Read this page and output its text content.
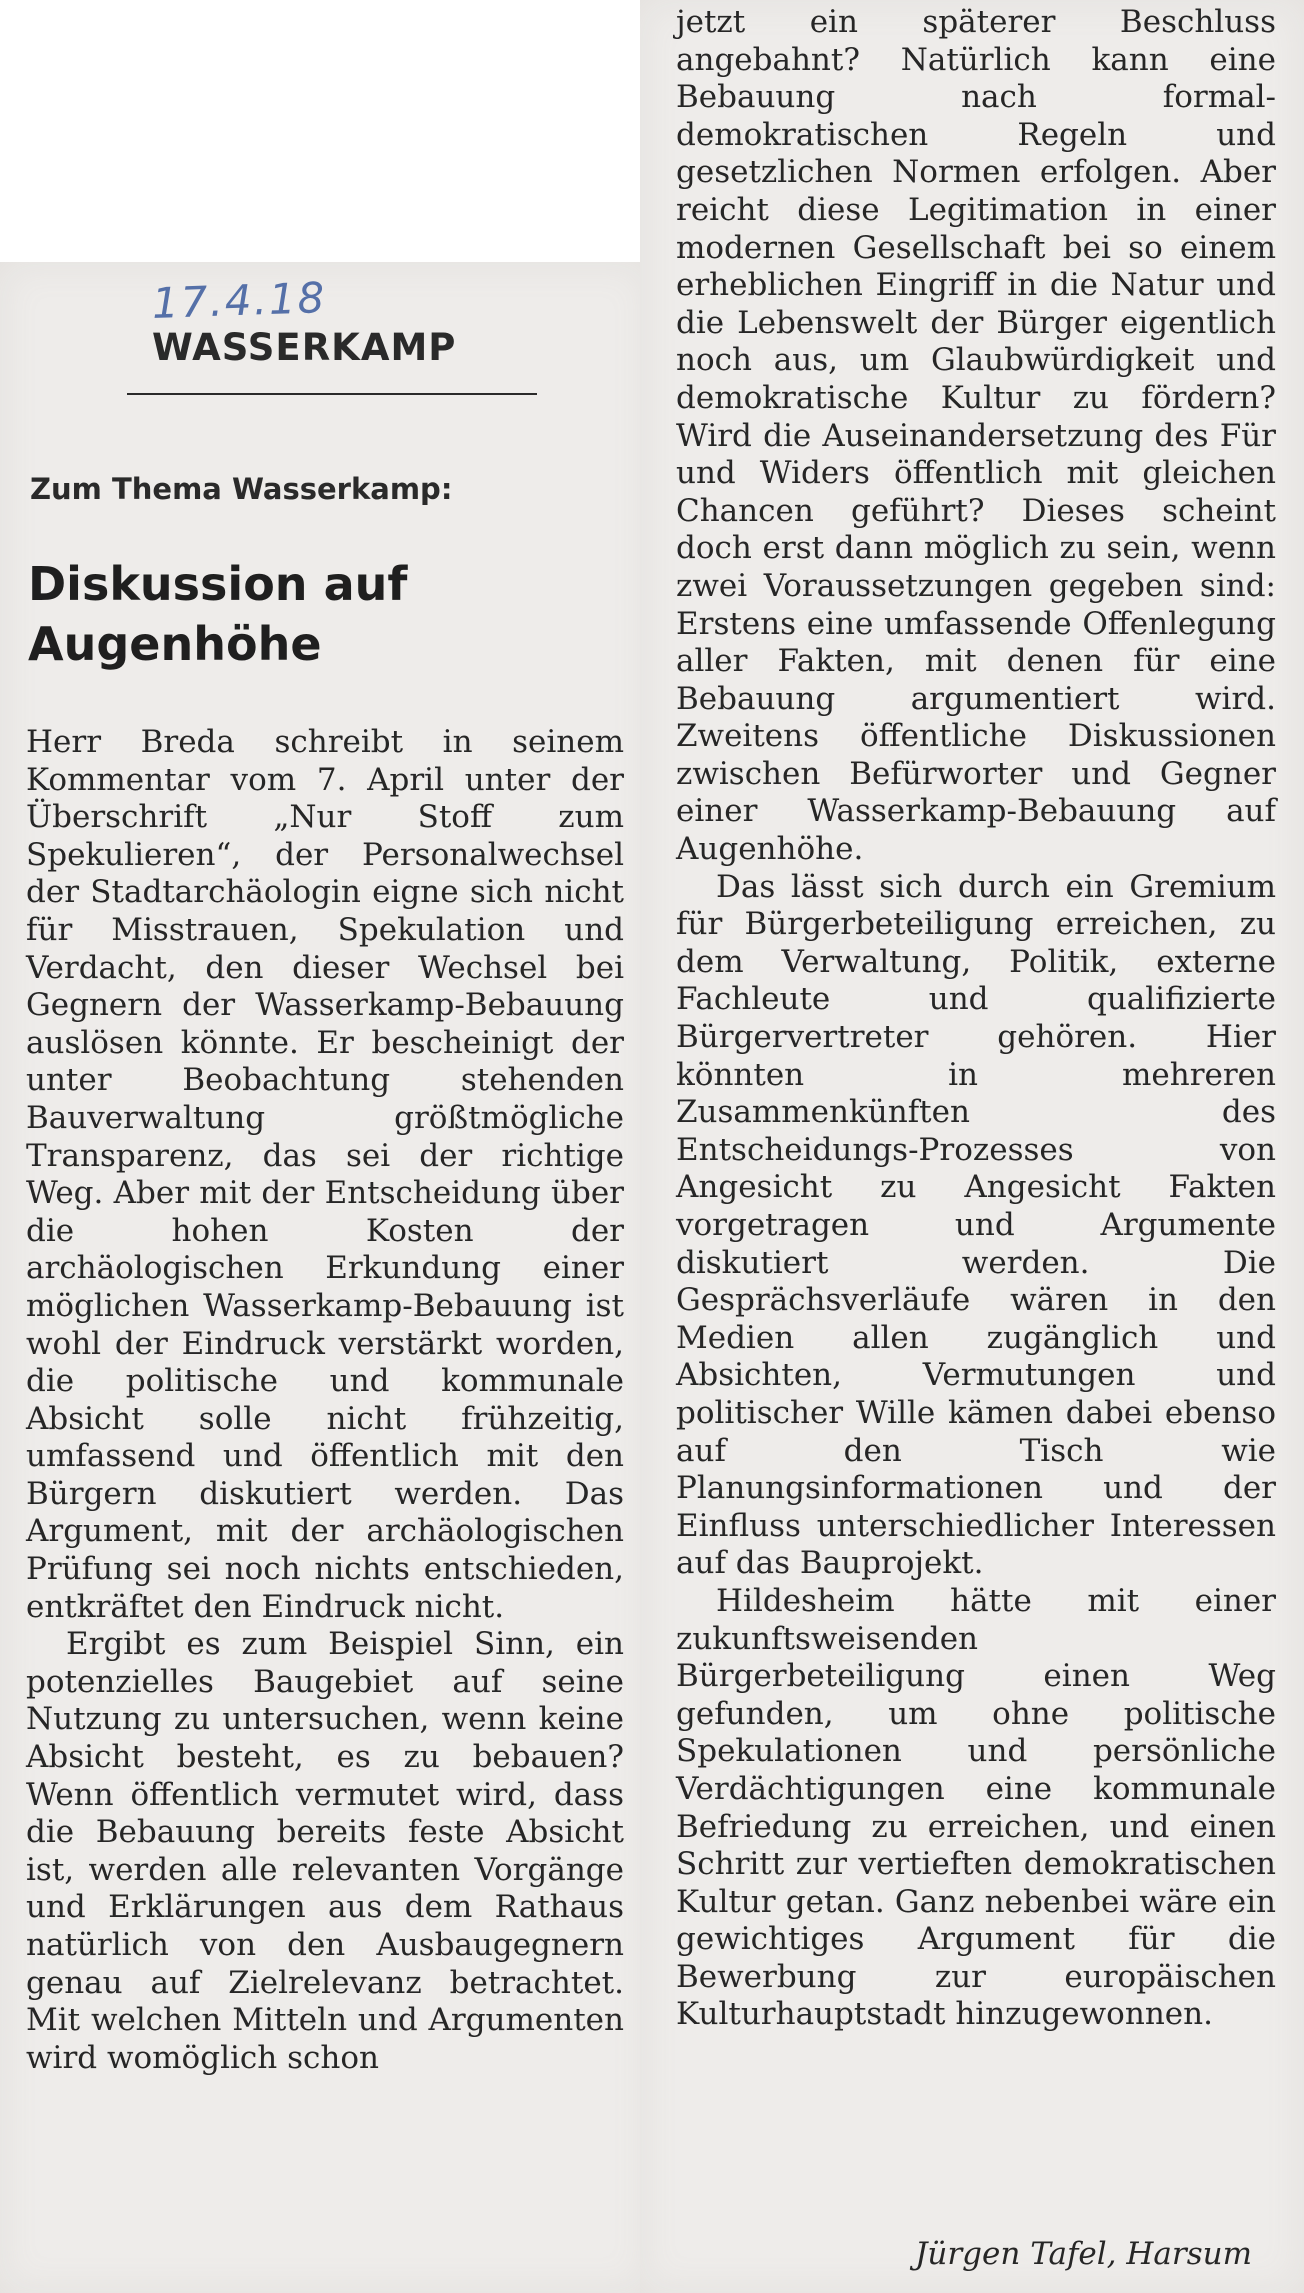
17.4.18
WASSERKAMP
Zum Thema Wasserkamp:
Diskussion auf Augenhöhe

Herr Breda schreibt in seinem Kommentar vom 7. April unter der Überschrift „Nur Stoff zum Spekulieren“, der Personalwechsel der Stadtarchäologin eigne sich nicht für Misstrauen, Spekulation und Verdacht, den dieser Wechsel bei Gegnern der Wasserkamp-Bebauung auslösen könnte. Er bescheinigt der unter Beobachtung stehenden Bauverwaltung größtmögliche Transparenz, das sei der richtige Weg. Aber mit der Entscheidung über die hohen Kosten der archäologischen Erkundung einer möglichen Wasserkamp-Bebauung ist wohl der Eindruck verstärkt worden, die politische und kommunale Absicht solle nicht frühzeitig, umfassend und öffentlich mit den Bürgern diskutiert werden. Das Argument, mit der archäologischen Prüfung sei noch nichts entschieden, entkräftet den Eindruck nicht.

Ergibt es zum Beispiel Sinn, ein potenzielles Baugebiet auf seine Nutzung zu untersuchen, wenn keine Absicht besteht, es zu bebauen? Wenn öffentlich vermutet wird, dass die Bebauung bereits feste Absicht ist, werden alle relevanten Vorgänge und Erklärungen aus dem Rathaus natürlich von den Ausbaugegnern genau auf Zielrelevanz betrachtet. Mit welchen Mitteln und Argumenten wird womöglich schon

jetzt ein späterer Beschluss angebahnt? Natürlich kann eine Bebauung nach formal-demokratischen Regeln und gesetzlichen Normen erfolgen. Aber reicht diese Legitimation in einer modernen Gesellschaft bei so einem erheblichen Eingriff in die Natur und die Lebenswelt der Bürger eigentlich noch aus, um Glaubwürdigkeit und demokratische Kultur zu fördern? Wird die Auseinandersetzung des Für und Widers öffentlich mit gleichen Chancen geführt? Dieses scheint doch erst dann möglich zu sein, wenn zwei Voraussetzungen gegeben sind: Erstens eine umfassende Offenlegung aller Fakten, mit denen für eine Bebauung argumentiert wird. Zweitens öffentliche Diskussionen zwischen Befürworter und Gegner einer Wasserkamp-Bebauung auf Augenhöhe.

Das lässt sich durch ein Gremium für Bürgerbeteiligung erreichen, zu dem Verwaltung, Politik, externe Fachleute und qualifizierte Bürgervertreter gehören. Hier könnten in mehreren Zusammenkünften des Entscheidungs-Prozesses von Angesicht zu Angesicht Fakten vorgetragen und Argumente diskutiert werden. Die Gesprächsverläufe wären in den Medien allen zugänglich und Absichten, Vermutungen und politischer Wille kämen dabei ebenso auf den Tisch wie Planungsinformationen und der Einfluss unterschiedlicher Interessen auf das Bauprojekt.

Hildesheim hätte mit einer zukunftsweisenden Bürgerbeteiligung einen Weg gefunden, um ohne politische Spekulationen und persönliche Verdächtigungen eine kommunale Befriedung zu erreichen, und einen Schritt zur vertieften demokratischen Kultur getan. Ganz nebenbei wäre ein gewichtiges Argument für die Bewerbung zur europäischen Kulturhauptstadt hinzugewonnen.

Jürgen Tafel, Harsum
